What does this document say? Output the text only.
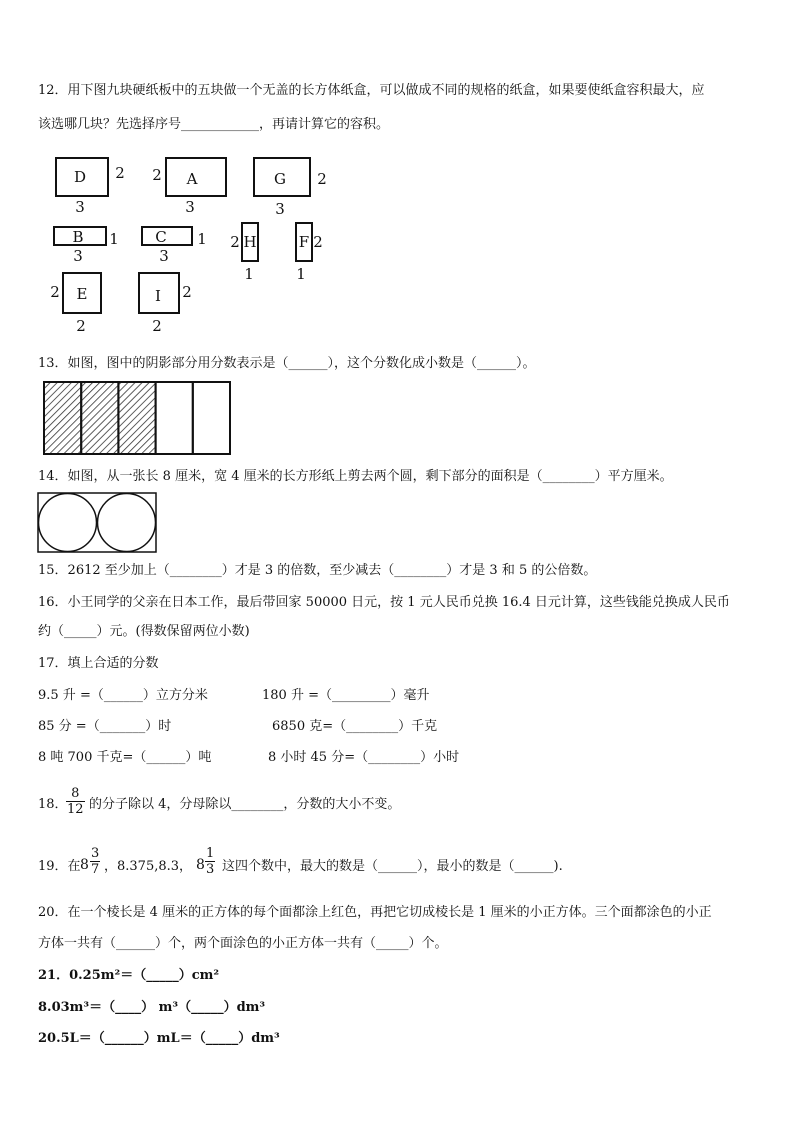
12．用下图九块硬纸板中的五块做一个无盖的长方体纸盒，可以做成不同的规格的纸盒，如果要使纸盒容积最大，应
该选哪几块？先选择序号____________，再请计算它的容积。
D 2
3
A
2
3
G 2
3
B 1
3
C 1
3
H
2
1
F 2
1
E
2
2
I 2
2
13．如图，图中的阴影部分用分数表示是（______），这个分数化成小数是（______）。
14．如图，从一张长 8 厘米，宽 4 厘米的长方形纸上剪去两个圆，剩下部分的面积是（________）平方厘米。
15．2612 至少加上（________）才是 3 的倍数，至少减去（________）才是 3 和 5 的公倍数。
16．小王同学的父亲在日本工作，最后带回家 50000 日元，按 1 元人民币兑换 16.4 日元计算，这些钱能兑换成人民币
约（_____）元。(得数保留两位小数)
17．填上合适的分数
9.5 升 =（______）立方分米	180 升 =（_________）毫升
85 分 =（_______）时	6850 克=（________）千克
8 吨 700 千克=（______）吨	8 小时 45 分=（________）小时
18．
$\frac{8}{12}$ 的分子除以 4，分母除以________，分数的大小不变。
19．在 $8 \frac{3}{7}$ ，8.375,8.3， $8 \frac{1}{3}$ 这四个数中，最大的数是（______），最小的数是（______).
20．在一个棱长是 4 厘米的正方体的每个面都涂上红色，再把它切成棱长是 1 厘米的小正方体。三个面都涂色的小正
方体一共有（______）个，两个面涂色的小正方体一共有（_____）个。
21．0.25m²＝（_____）cm²
8.03m³＝（____） m³（_____）dm³
20.5L＝（______）mL＝（_____）dm³
